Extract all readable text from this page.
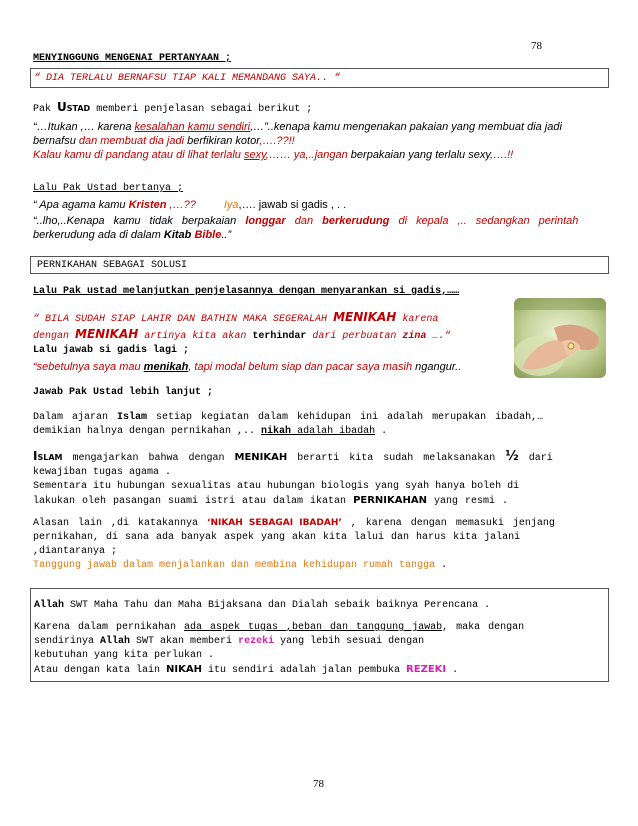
78
MENYINGGUNG MENGENAI PERTANYAAN ;
“ DIA TERLALU BERNAFSU TIAP KALI MEMANDANG SAYA.. “
Pak Ustad memberi penjelasan sebagai berikut ;
“…Itukan ,… karena kesalahan kamu sendiri,…”..kenapa kamu mengenakan pakaian yang membuat dia jadi
bernafsu dan membuat dia jadi berfikiran kotor,….??!!
Kalau kamu di pandang atau di lihat terlalu sexy,…… ya,..jangan berpakaian yang terlalu sexy,….!!
Lalu Pak Ustad bertanya ;
“ Apa agama kamu Kristen ,…??	Iya,…. jawab si gadis , . .
“..lho,..Kenapa kamu tidak berpakaian longgar dan berkerudung di kepala ,.. sedangkan perintah
berkerudung ada di dalam Kitab Bible..”
PERNIKAHAN SEBAGAI SOLUSI
Lalu Pak ustad melanjutkan penjelasannya dengan menyarankan si gadis,……
“ BILA SUDAH SIAP LAHIR DAN BATHIN MAKA SEGERALAH MENIKAH karena
dengan MENIKAH artinya kita akan terhindar dari perbuatan zina ….“
Lalu jawab si gadis lagi ;
“sebetulnya saya mau menikah, tapi modal belum siap dan pacar saya masih ngangur..
Jawab Pak Ustad lebih lanjut ;
Dalam ajaran Islam setiap kegiatan dalam kehidupan ini adalah merupakan ibadah,…
demikian halnya dengan pernikahan ,.. nikah adalah ibadah .
Islam mengajarkan bahwa dengan MENIKAH berarti kita sudah melaksanakan ½ dari
kewajiban tugas agama .
Sementara itu hubungan sexualitas atau hubungan biologis yang syah hanya boleh di
lakukan oleh pasangan suami istri atau dalam ikatan PERNIKAHAN yang resmi .
Alasan lain ,di katakannya ‘NIKAH SEBAGAI IBADAH’ , karena dengan memasuki jenjang
pernikahan, di sana ada banyak aspek yang akan kita lalui dan harus kita jalani
,diantaranya ;
Tanggung jawab dalam menjalankan dan membina kehidupan rumah tangga .
Allah SWT Maha Tahu dan Maha Bijaksana dan Dialah sebaik baiknya Perencana .
Karena dalam pernikahan ada aspek tugas ,beban dan tanggung jawab, maka dengan
sendirinya Allah SWT akan memberi rezeki yang lebih sesuai dengan
kebutuhan yang kita perlukan .
Atau dengan kata lain NIKAH itu sendiri adalah jalan pembuka REZEKI .
78
